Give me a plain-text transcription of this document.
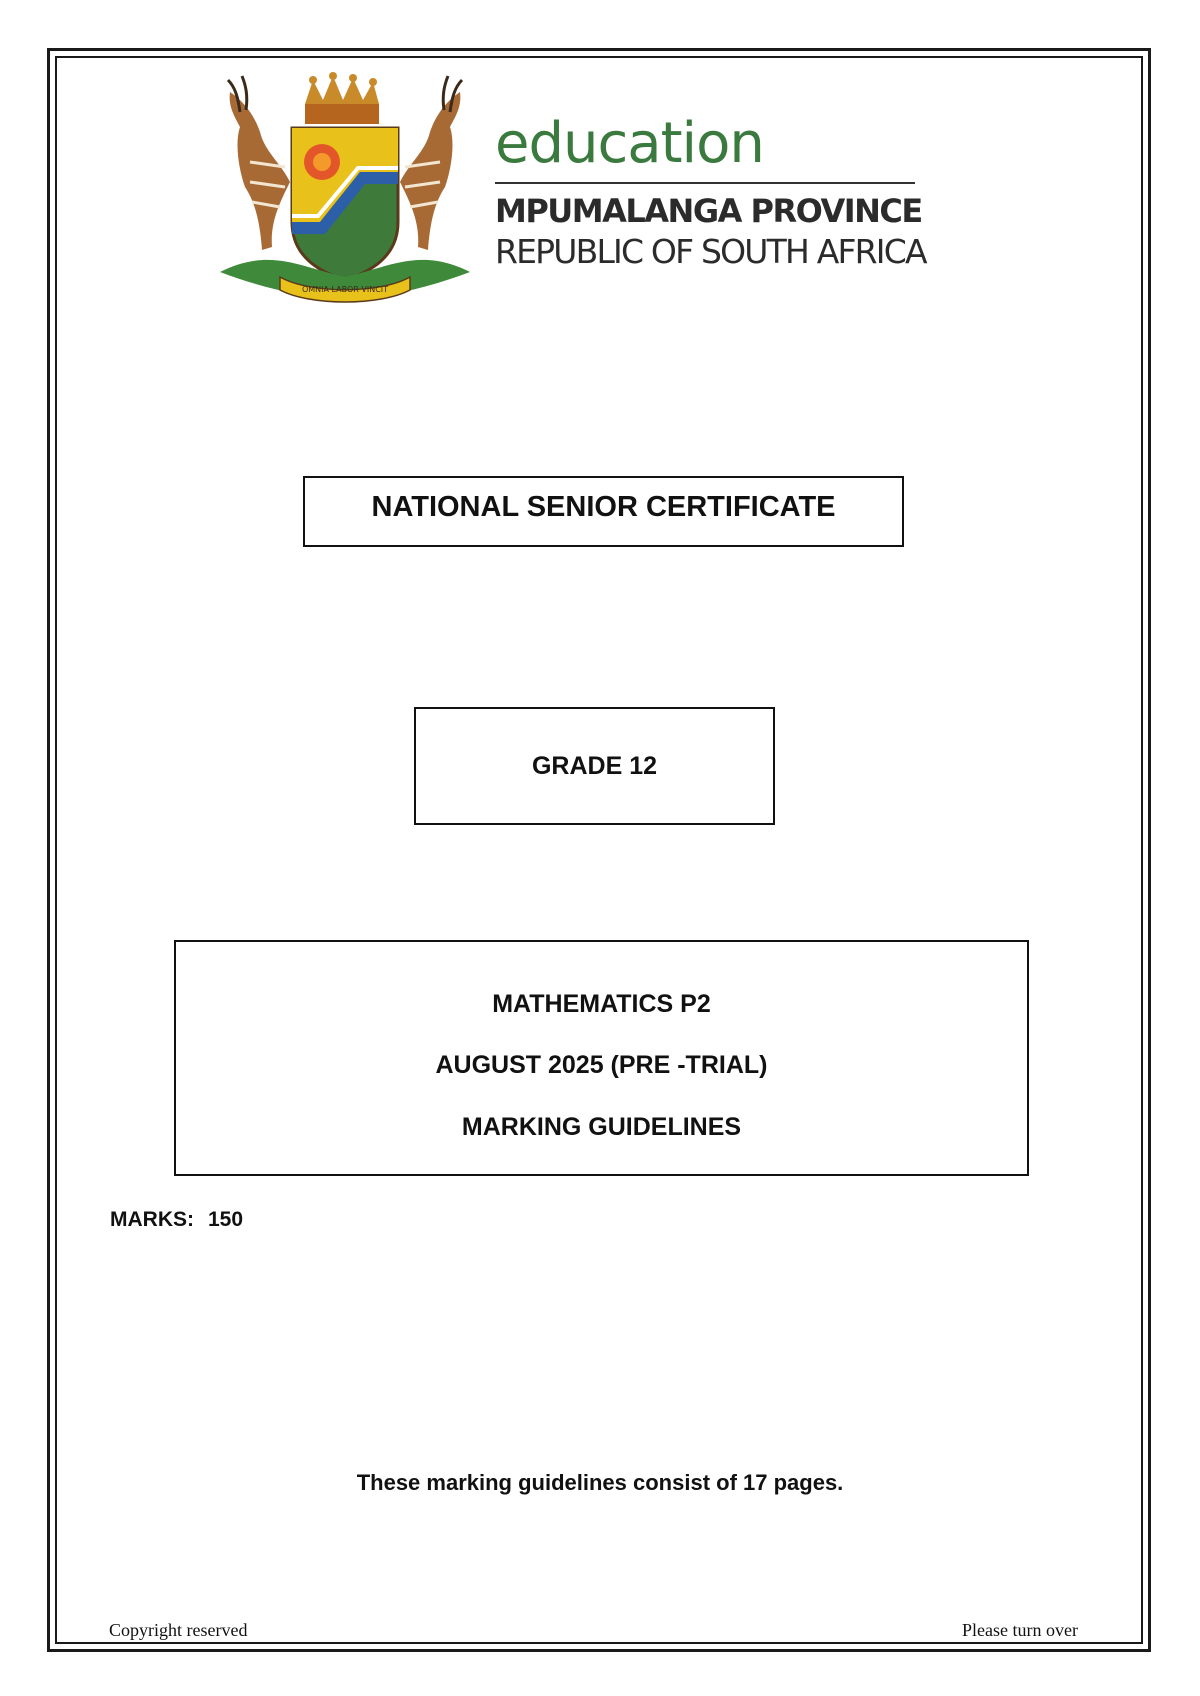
OMNIA LABOR VINCIT
education
MPUMALANGA PROVINCE
REPUBLIC OF SOUTH AFRICA
NATIONAL SENIOR CERTIFICATE
GRADE 12
MATHEMATICS P2
AUGUST 2025 (PRE -TRIAL)
MARKING GUIDELINES
MARKS: 150
These marking guidelines consist of 17 pages.
Copyright reserved	Please turn over
